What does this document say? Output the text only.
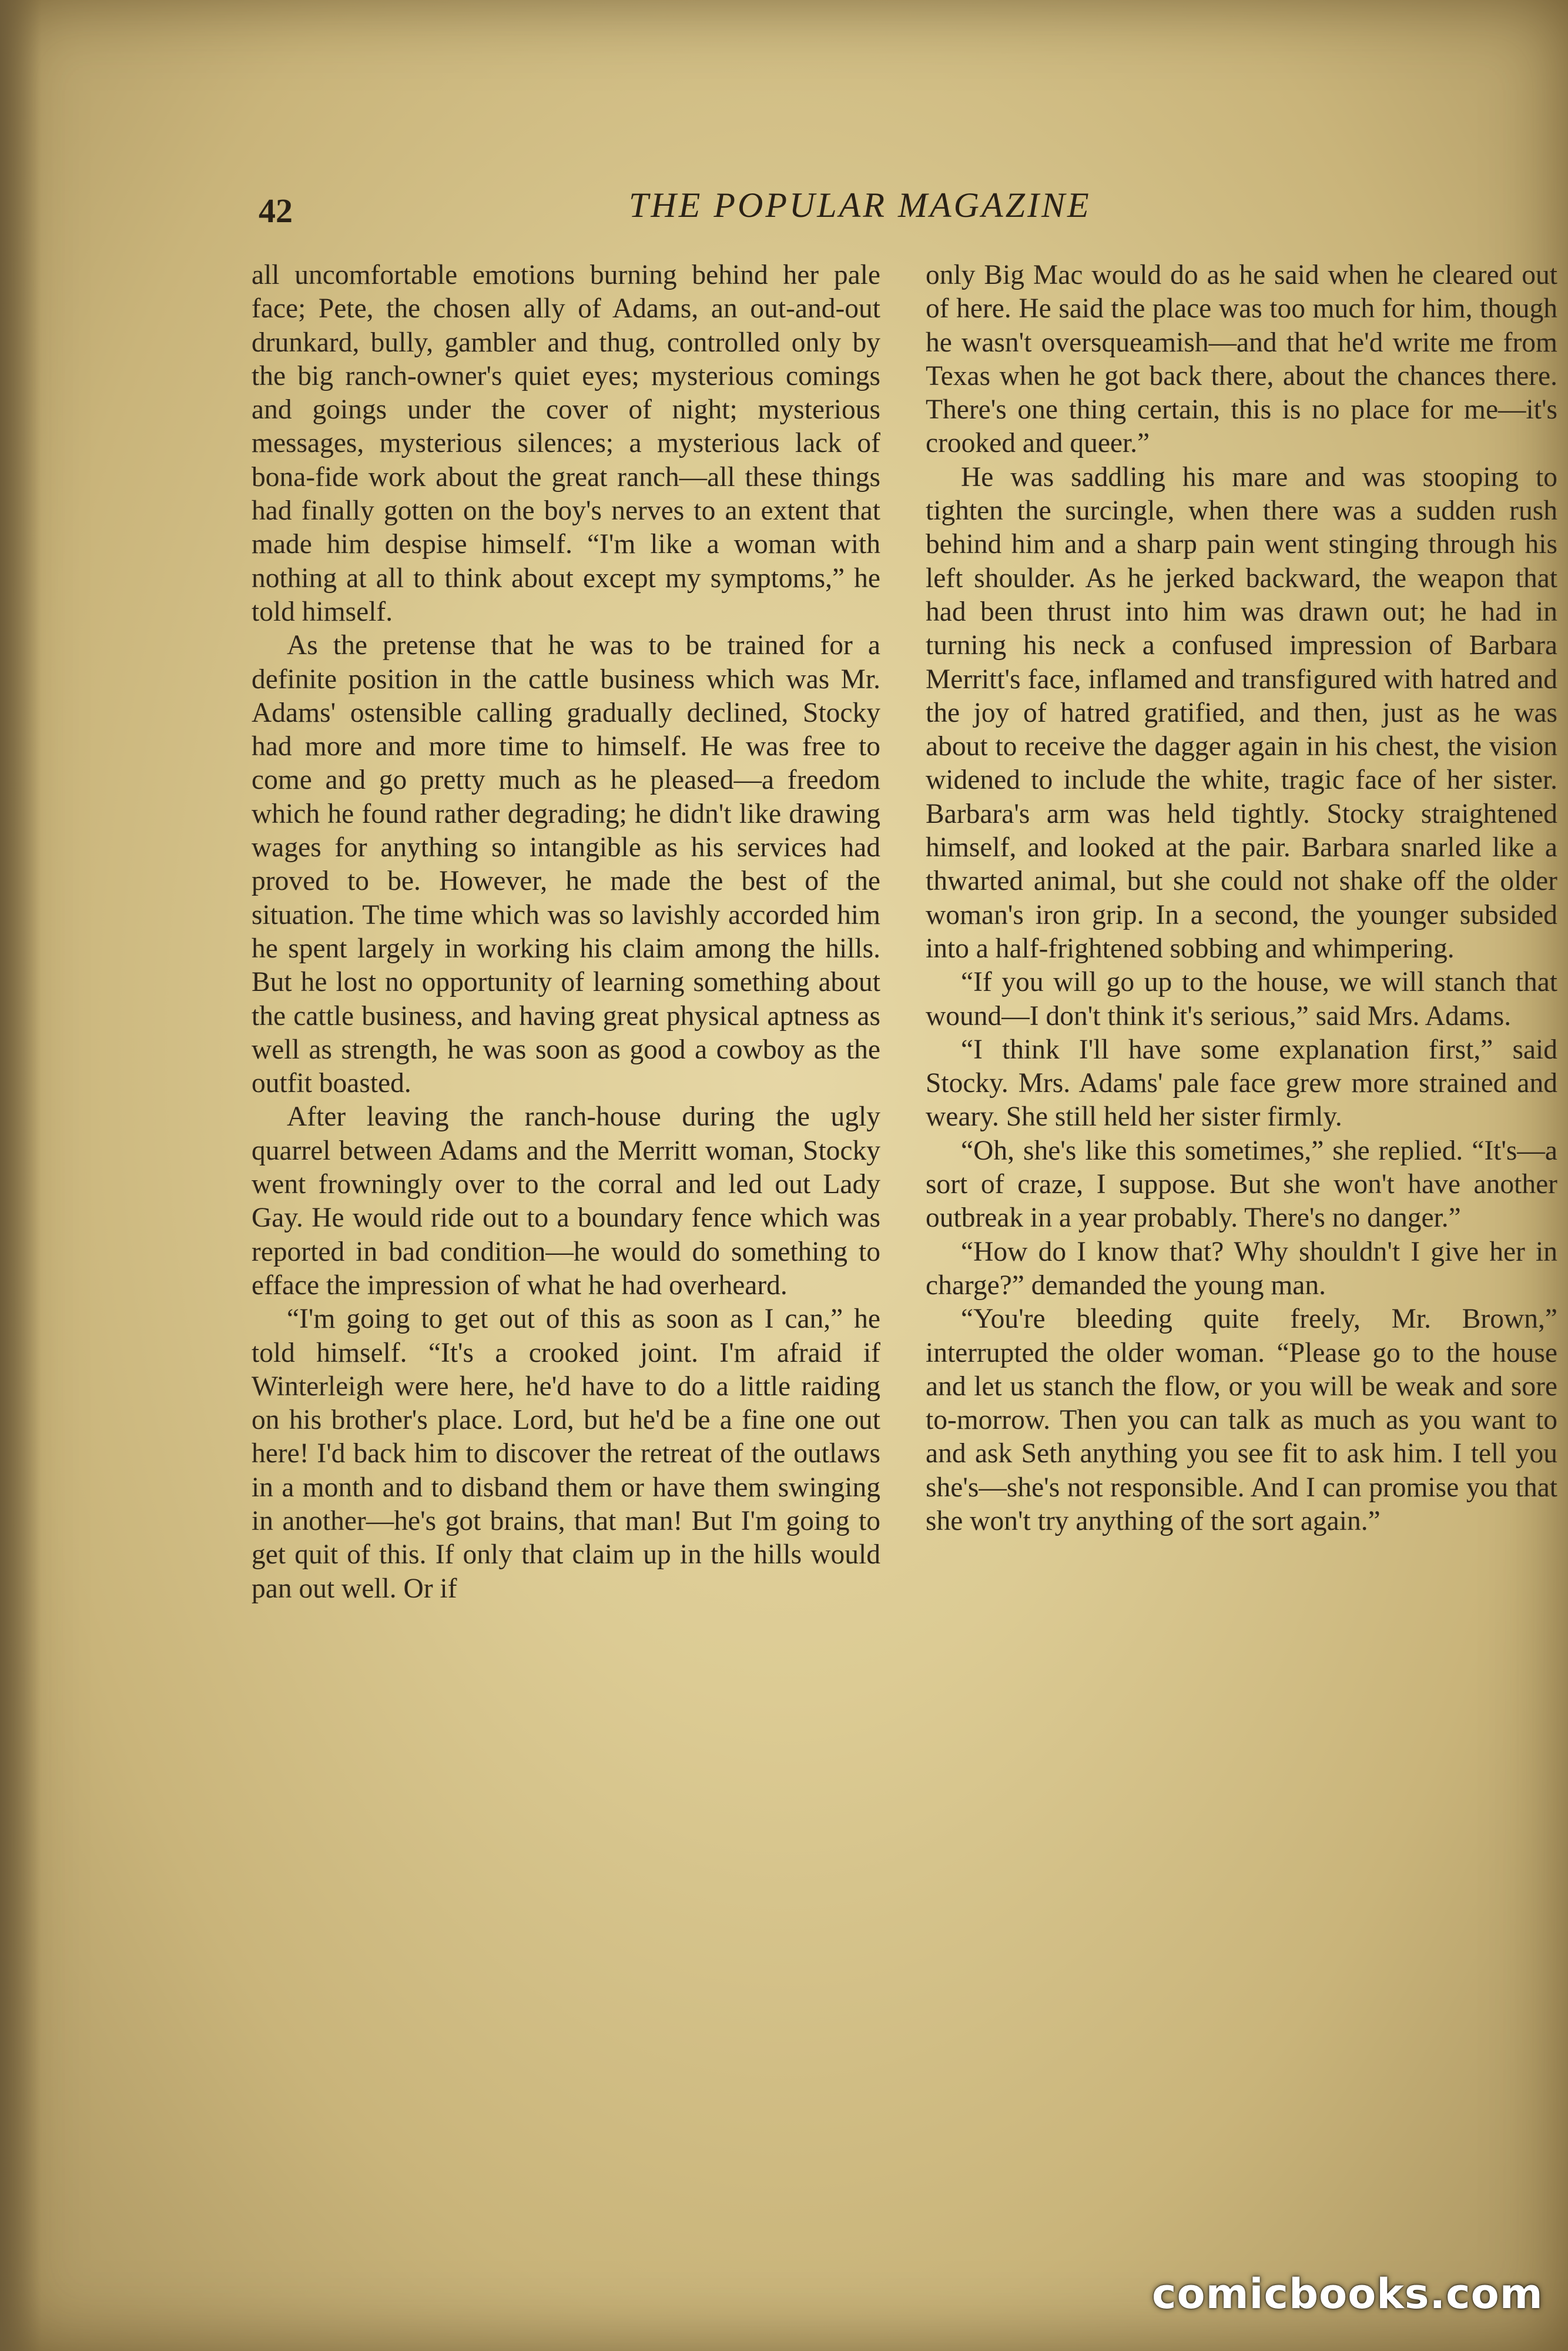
42	THE POPULAR MAGAZINE

all uncomfortable emotions burning behind her pale face; Pete, the chosen ally of Adams, an out-and-out drunkard, bully, gambler and thug, controlled only by the big ranch-owner's quiet eyes; mysterious comings and goings under the cover of night; mysterious messages, mysterious silences; a mysterious lack of bona-fide work about the great ranch—all these things had finally gotten on the boy's nerves to an extent that made him despise himself. “I'm like a woman with nothing at all to think about except my symptoms,” he told himself.

As the pretense that he was to be trained for a definite position in the cattle business which was Mr. Adams' ostensible calling gradually declined, Stocky had more and more time to himself. He was free to come and go pretty much as he pleased—a freedom which he found rather degrading; he didn't like drawing wages for anything so intangible as his services had proved to be. However, he made the best of the situation. The time which was so lavishly accorded him he spent largely in working his claim among the hills. But he lost no opportunity of learning something about the cattle business, and having great physical aptness as well as strength, he was soon as good a cowboy as the outfit boasted.

After leaving the ranch-house during the ugly quarrel between Adams and the Merritt woman, Stocky went frowningly over to the corral and led out Lady Gay. He would ride out to a boundary fence which was reported in bad condition—he would do something to efface the impression of what he had overheard.

“I'm going to get out of this as soon as I can,” he told himself. “It's a crooked joint. I'm afraid if Winterleigh were here, he'd have to do a little raiding on his brother's place. Lord, but he'd be a fine one out here! I'd back him to discover the retreat of the outlaws in a month and to disband them or have them swinging in another—he's got brains, that man! But I'm going to get quit of this. If only that claim up in the hills would pan out well. Or if

only Big Mac would do as he said when he cleared out of here. He said the place was too much for him, though he wasn't oversqueamish—and that he'd write me from Texas when he got back there, about the chances there. There's one thing certain, this is no place for me—it's crooked and queer.”

He was saddling his mare and was stooping to tighten the surcingle, when there was a sudden rush behind him and a sharp pain went stinging through his left shoulder. As he jerked backward, the weapon that had been thrust into him was drawn out; he had in turning his neck a confused impression of Barbara Merritt's face, inflamed and transfigured with hatred and the joy of hatred gratified, and then, just as he was about to receive the dagger again in his chest, the vision widened to include the white, tragic face of her sister. Barbara's arm was held tightly. Stocky straightened himself, and looked at the pair. Barbara snarled like a thwarted animal, but she could not shake off the older woman's iron grip. In a second, the younger subsided into a half-frightened sobbing and whimpering.

“If you will go up to the house, we will stanch that wound—I don't think it's serious,” said Mrs. Adams.

“I think I'll have some explanation first,” said Stocky. Mrs. Adams' pale face grew more strained and weary. She still held her sister firmly.

“Oh, she's like this sometimes,” she replied. “It's—a sort of craze, I suppose. But she won't have another outbreak in a year probably. There's no danger.”

“How do I know that? Why shouldn't I give her in charge?” demanded the young man.

“You're bleeding quite freely, Mr. Brown,” interrupted the older woman. “Please go to the house and let us stanch the flow, or you will be weak and sore to-morrow. Then you can talk as much as you want to and ask Seth anything you see fit to ask him. I tell you she's—she's not responsible. And I can promise you that she won't try anything of the sort again.”

comicbooks.com
